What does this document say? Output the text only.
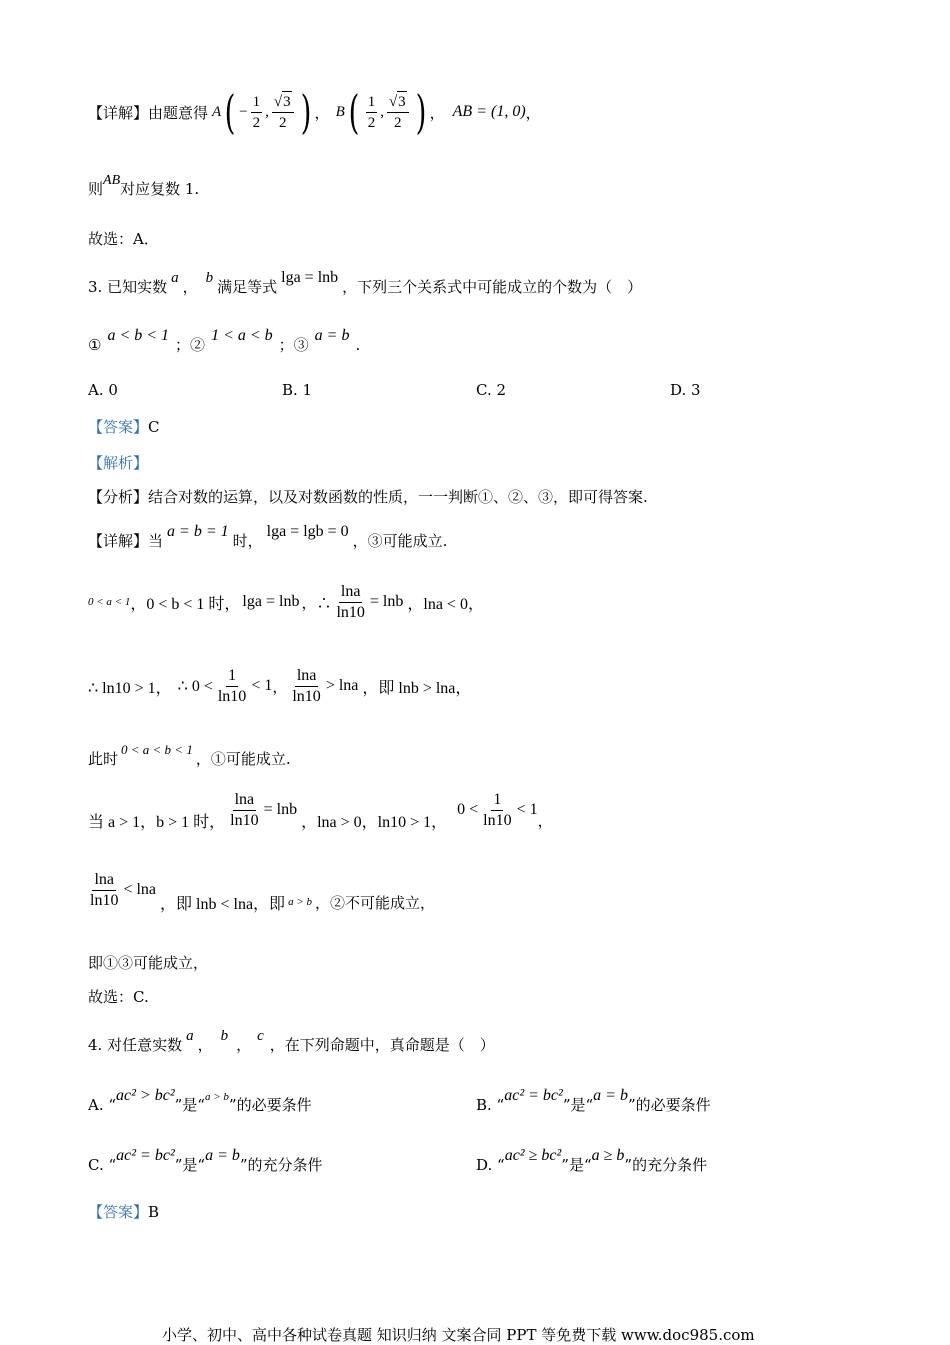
【详解】由题意得 A ( − $\frac{1}{2}$ , $\frac{√3}{2}$ ) ， B ( $\frac{1}{2}$ , $\frac{√3}{2}$ ) ， AB = (1, 0) ，
则AB对应复数 1.
故选：A．
3. 已知实数 a ， b 满足等式lga = lnb，下列三个关系式中可能成立的个数为（　）
①a < b < 1；②1 < a < b；③a = b.
A. 0	B. 1	C. 2	D. 3
【答案】C
【解析】
【分析】结合对数的运算，以及对数函数的性质，一一判断①、②、③，即可得答案.
【详解】当a = b = 1时，lga = lgb = 0，③可能成立.
0 < a < 1 ，0 < b < 1 时， lga = lnb ，∴ $\frac{\ln a}{\ln 10} = \ln b$ ，lna < 0，
∴ ln10 > 1， ∴ $0 < \frac{1}{\ln 10} < 1$ ， $\frac{\ln a}{\ln 10} > \ln a$ ，即 lnb > lna，
此时0 < a < b < 1，①可能成立.
当 a > 1，b > 1 时， $\frac{\ln a}{\ln 10} = \ln b$
，lna > 0，ln10 > 1，
$0 < \frac{1}{\ln 10} < 1$
，
$\frac{\ln a}{\ln 10} < \ln a$
，即 lnb < lna，即 a > b ，②不可能成立，
即①③可能成立，
故选：C.
4. 对任意实数 a ， b ， c ，在下列命题中，真命题是（　）
A. “ac² > bc²”是“$^{a > b}$”的必要条件	B. “ac² = bc²”是“a = b”的必要条件
C. “ac² = bc²”是“a = b”的充分条件	D. “ac² ≥ bc²”是“a ≥ b”的充分条件
【答案】B
小学、初中、高中各种试卷真题 知识归纳 文案合同 PPT 等免费下载 www.doc985.com
